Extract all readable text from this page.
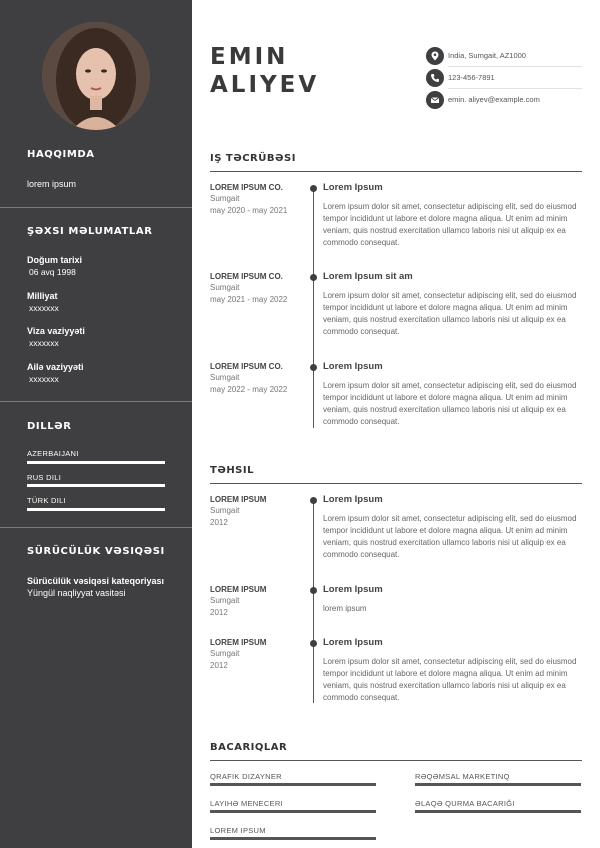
HAQQIMDA
lorem ipsum
ŞƏXSI MƏLUMATLAR
Doğum tarixi
06 avq 1998
Milliyat
xxxxxxx
Viza vaziyyəti
xxxxxxx
Ailə vaziyyəti
xxxxxxx
DILLƏR
AZERBAIJANI
RUS DILI
TÜRK DILI
SÜRÜCÜLÜK VƏSIQƏSI
Sürücülük vəsiqəsi kateqoriyası
Yüngül naqliyyat vasitəsi
EMIN
ALIYEV
India, Sumgait, AZ1000
123-456-7891
emin. aliyev@example.com
IŞ TƏCRÜBƏSI
LOREM IPSUM CO.
Sumgait
may 2020 - may 2021
Lorem Ipsum
Lorem ipsum dolor sit amet, consectetur adipiscing elit, sed do eiusmod tempor incididunt ut labore et dolore magna aliqua. Ut enim ad minim veniam, quis nostrud exercitation ullamco laboris nisi ut aliquip ex ea commodo consequat.
LOREM IPSUM CO.
Sumgait
may 2021 - may 2022
Lorem Ipsum sit am
Lorem ipsum dolor sit amet, consectetur adipiscing elit, sed do eiusmod tempor incididunt ut labore et dolore magna aliqua. Ut enim ad minim veniam, quis nostrud exercitation ullamco laboris nisi ut aliquip ex ea commodo consequat.
LOREM IPSUM CO.
Sumgait
may 2022 - may 2022
Lorem Ipsum
Lorem ipsum dolor sit amet, consectetur adipiscing elit, sed do eiusmod tempor incididunt ut labore et dolore magna aliqua. Ut enim ad minim veniam, quis nostrud exercitation ullamco laboris nisi ut aliquip ex ea commodo consequat.
TƏHSIL
LOREM IPSUM
Sumgait
2012
Lorem Ipsum
Lorem ipsum dolor sit amet, consectetur adipiscing elit, sed do eiusmod tempor incididunt ut labore et dolore magna aliqua. Ut enim ad minim veniam, quis nostrud exercitation ullamco laboris nisi ut aliquip ex ea commodo consequat.
LOREM IPSUM
Sumgait
2012
Lorem Ipsum
lorem ipsum
LOREM IPSUM
Sumgait
2012
Lorem Ipsum
Lorem ipsum dolor sit amet, consectetur adipiscing elit, sed do eiusmod tempor incididunt ut labore et dolore magna aliqua. Ut enim ad minim veniam, quis nostrud exercitation ullamco laboris nisi ut aliquip ex ea commodo consequat.
BACARIQLAR
QRAFIK DIZAYNER	RƏQƏMSAL MARKETINQ
LAYIHƏ MENECERI	ƏLAQƏ QURMA BACARIĞI
LOREM IPSUM
